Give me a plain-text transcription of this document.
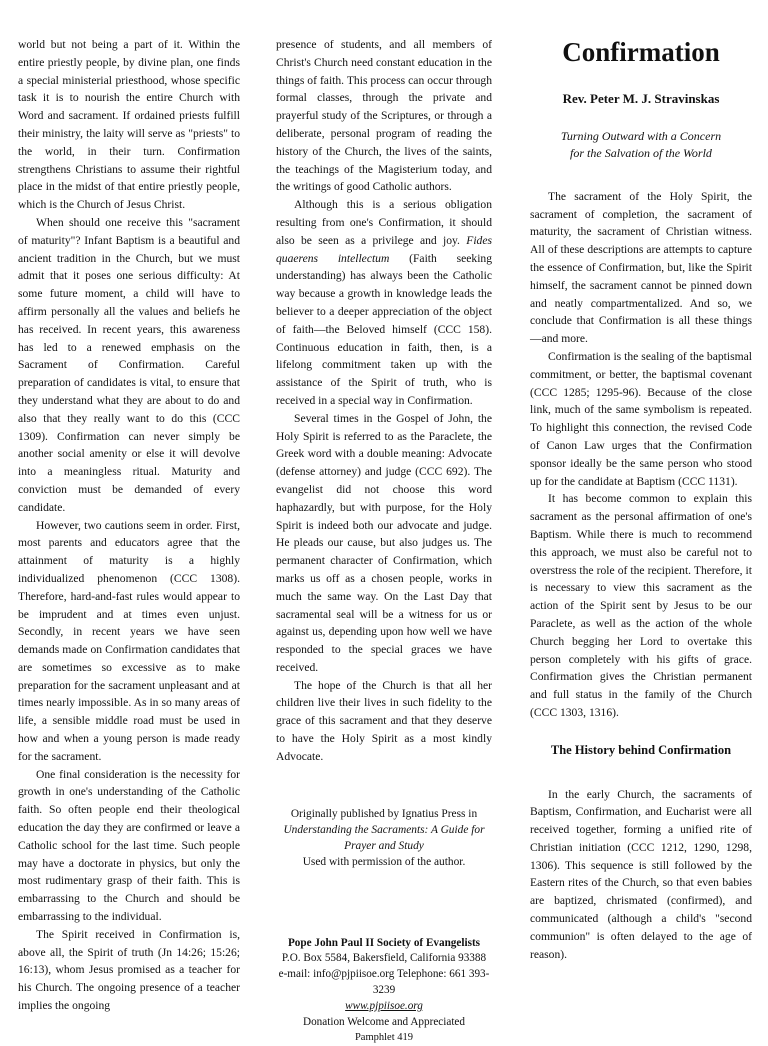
world but not being a part of it. Within the entire priestly people, by divine plan, one finds a special ministerial priesthood, whose specific task it is to nourish the entire Church with Word and sacrament. If ordained priests fulfill their ministry, the laity will serve as "priests" to the world, in their turn. Confirmation strengthens Christians to assume their rightful place in the midst of that entire priestly people, which is the Church of Jesus Christ.

When should one receive this "sacrament of maturity"? Infant Baptism is a beautiful and ancient tradition in the Church, but we must admit that it poses one serious difficulty: At some future moment, a child will have to affirm personally all the values and beliefs he has received. In recent years, this awareness has led to a renewed emphasis on the Sacrament of Confirmation. Careful preparation of candidates is vital, to ensure that they understand what they are about to do and also that they really want to do this (CCC 1309). Confirmation can never simply be another social amenity or else it will devolve into a meaningless ritual. Maturity and conviction must be demanded of every candidate.

However, two cautions seem in order. First, most parents and educators agree that the attainment of maturity is a highly individualized phenomenon (CCC 1308). Therefore, hard-and-fast rules would appear to be imprudent and at times even unjust. Secondly, in recent years we have seen demands made on Confirmation candidates that are sometimes so excessive as to make preparation for the sacrament unpleasant and at times nearly impossible. As in so many areas of life, a sensible middle road must be used in how and when a young person is made ready for the sacrament.

One final consideration is the necessity for growth in one's understanding of the Catholic faith. So often people end their theological education the day they are confirmed or leave a Catholic school for the last time. Such people may have a doctorate in physics, but only the most rudimentary grasp of their faith. This is embarrassing to the Church and should be embarrassing to the individual.

The Spirit received in Confirmation is, above all, the Spirit of truth (Jn 14:26; 15:26; 16:13), whom Jesus promised as a teacher for his Church. The ongoing presence of a teacher implies the ongoing

presence of students, and all members of Christ's Church need constant education in the things of faith. This process can occur through formal classes, through the private and prayerful study of the Scriptures, or through a deliberate, personal program of reading the history of the Church, the lives of the saints, the teachings of the Magisterium today, and the writings of good Catholic authors.

Although this is a serious obligation resulting from one's Confirmation, it should also be seen as a privilege and joy. Fides quaerens intellectum (Faith seeking understanding) has always been the Catholic way because a growth in knowledge leads the believer to a deeper appreciation of the object of faith—the Beloved himself (CCC 158). Continuous education in faith, then, is a lifelong commitment taken up with the assistance of the Spirit of truth, who is received in a special way in Confirmation.

Several times in the Gospel of John, the Holy Spirit is referred to as the Paraclete, the Greek word with a double meaning: Advocate (defense attorney) and judge (CCC 692). The evangelist did not choose this word haphazardly, but with purpose, for the Holy Spirit is indeed both our advocate and judge. He pleads our cause, but also judges us. The permanent character of Confirmation, which marks us off as a chosen people, works in much the same way. On the Last Day that sacramental seal will be a witness for us or against us, depending upon how well we have responded to the special graces we have received.

The hope of the Church is that all her children live their lives in such fidelity to the grace of this sacrament and that they deserve to have the Holy Spirit as a most kindly Advocate.

Originally published by Ignatius Press in
Understanding the Sacraments: A Guide for Prayer and Study
Used with permission of the author.
Pope John Paul II Society of Evangelists
P.O. Box 5584, Bakersfield, California 93388
e-mail: info@pjpiisoe.org Telephone: 661 393-3239
www.pjpiisoe.org
Donation Welcome and Appreciated
Pamphlet 419
Confirmation
Rev. Peter M. J. Stravinskas
Turning Outward with a Concern
for the Salvation of the World

The sacrament of the Holy Spirit, the sacrament of completion, the sacrament of maturity, the sacrament of Christian witness. All of these descriptions are attempts to capture the essence of Confirmation, but, like the Spirit himself, the sacrament cannot be pinned down and neatly compartmentalized. And so, we conclude that Confirmation is all these things—and more.

Confirmation is the sealing of the baptismal commitment, or better, the baptismal covenant (CCC 1285; 1295-96). Because of the close link, much of the same symbolism is repeated. To highlight this connection, the revised Code of Canon Law urges that the Confirmation sponsor ideally be the same person who stood up for the candidate at Baptism (CCC 1131).

It has become common to explain this sacrament as the personal affirmation of one's Baptism. While there is much to recommend this approach, we must also be careful not to overstress the role of the recipient. Therefore, it is necessary to view this sacrament as the action of the Spirit sent by Jesus to be our Paraclete, as well as the action of the whole Church begging her Lord to overtake this person completely with his gifts of grace. Confirmation gives the Christian permanent and full status in the family of the Church (CCC 1303, 1316).

The History behind Confirmation

In the early Church, the sacraments of Baptism, Confirmation, and Eucharist were all received together, forming a unified rite of Christian initiation (CCC 1212, 1290, 1298, 1306). This sequence is still followed by the Eastern rites of the Church, so that even babies are baptized, chrismated (confirmed), and communicated (although a child's "second communion" is often delayed to the age of reason).
